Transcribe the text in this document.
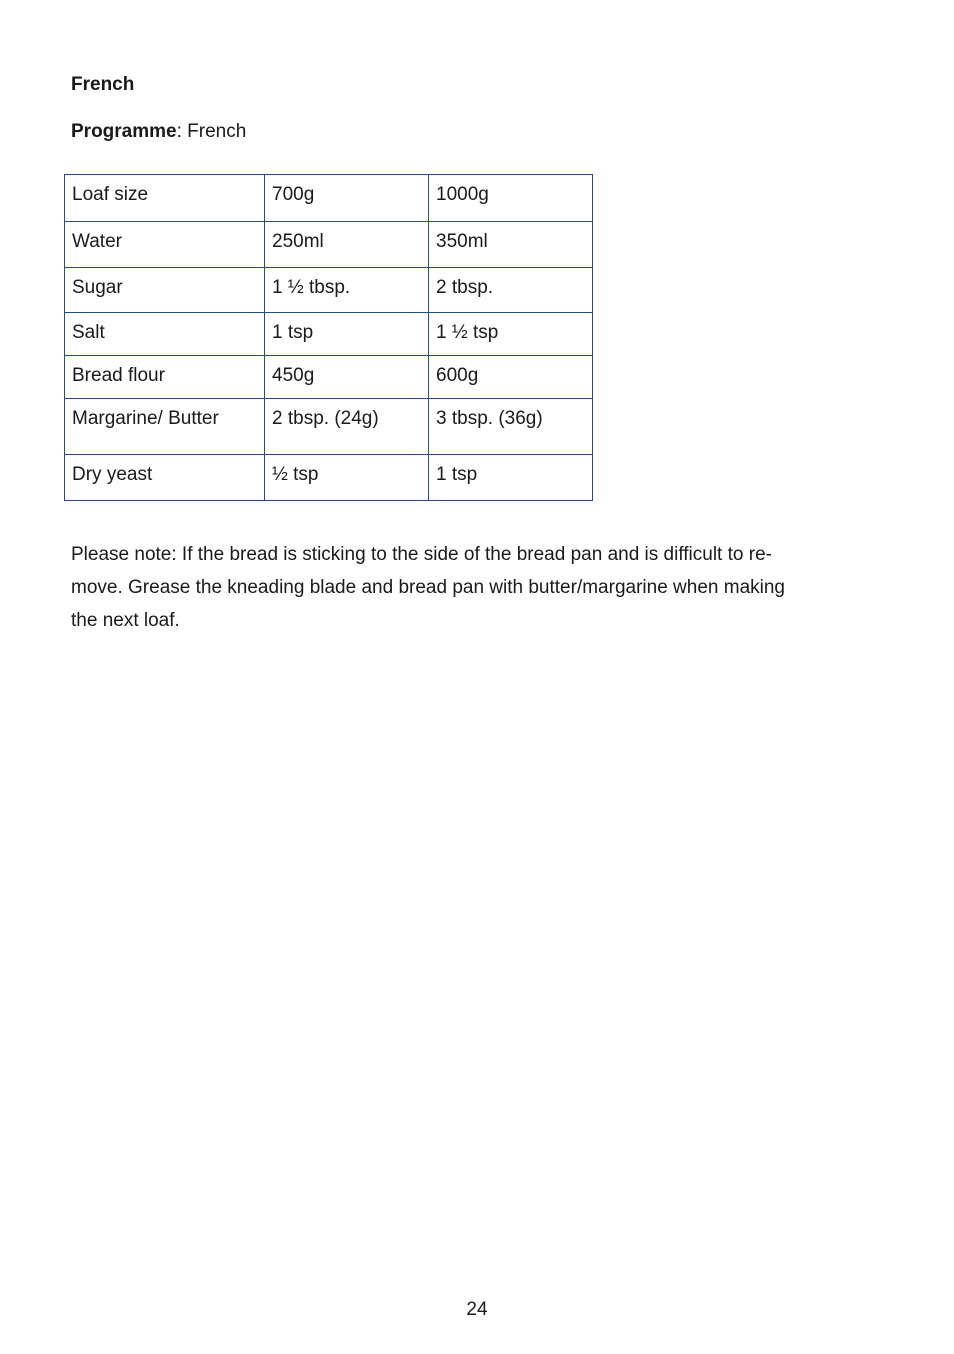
French
Programme: French
Loaf size	700g	1000g
Water	250ml	350ml
Sugar	1 ½ tbsp.	2 tbsp.
Salt	1 tsp	1 ½ tsp
Bread flour	450g	600g
Margarine/ Butter	2 tbsp. (24g)	3 tbsp. (36g)
Dry yeast	½ tsp	1 tsp
Please note: If the bread is sticking to the side of the bread pan and is difficult to re-
move. Grease the kneading blade and bread pan with butter/margarine when making
the next loaf.
24
